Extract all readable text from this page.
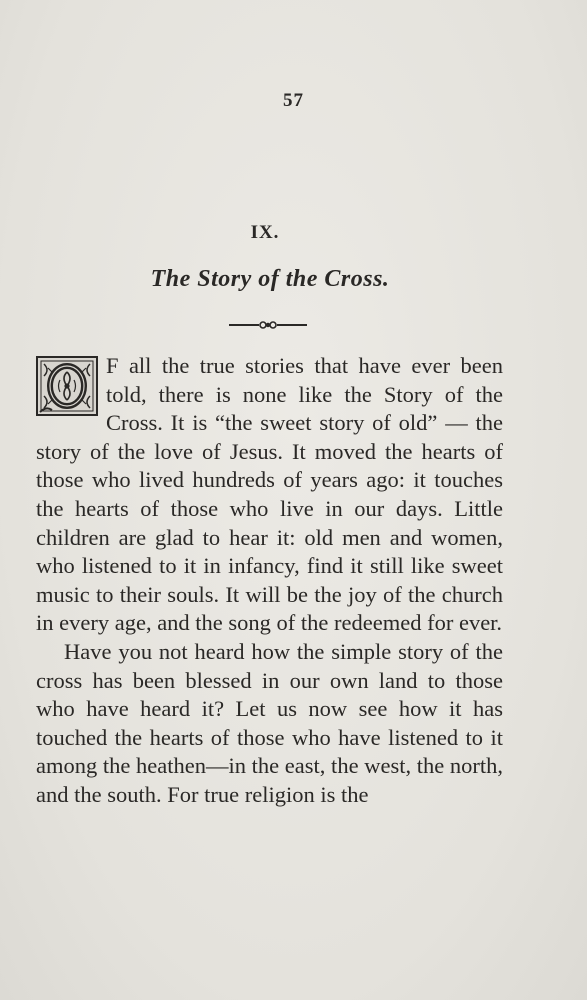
57
IX.
The Story of the Cross.

F all the true stories that have ever been told, there is none like the Story of the Cross. It is “the sweet story of old” — the story of the love of Jesus. It moved the hearts of those who lived hundreds of years ago: it touches the hearts of those who live in our days. Little children are glad to hear it: old men and women, who listened to it in infancy, find it still like sweet music to their souls. It will be the joy of the church in every age, and the song of the redeemed for ever.

Have you not heard how the simple story of the cross has been blessed in our own land to those who have heard it? Let us now see how it has touched the hearts of those who have listened to it among the heathen—in the east, the west, the north, and the south. For true religion is the
